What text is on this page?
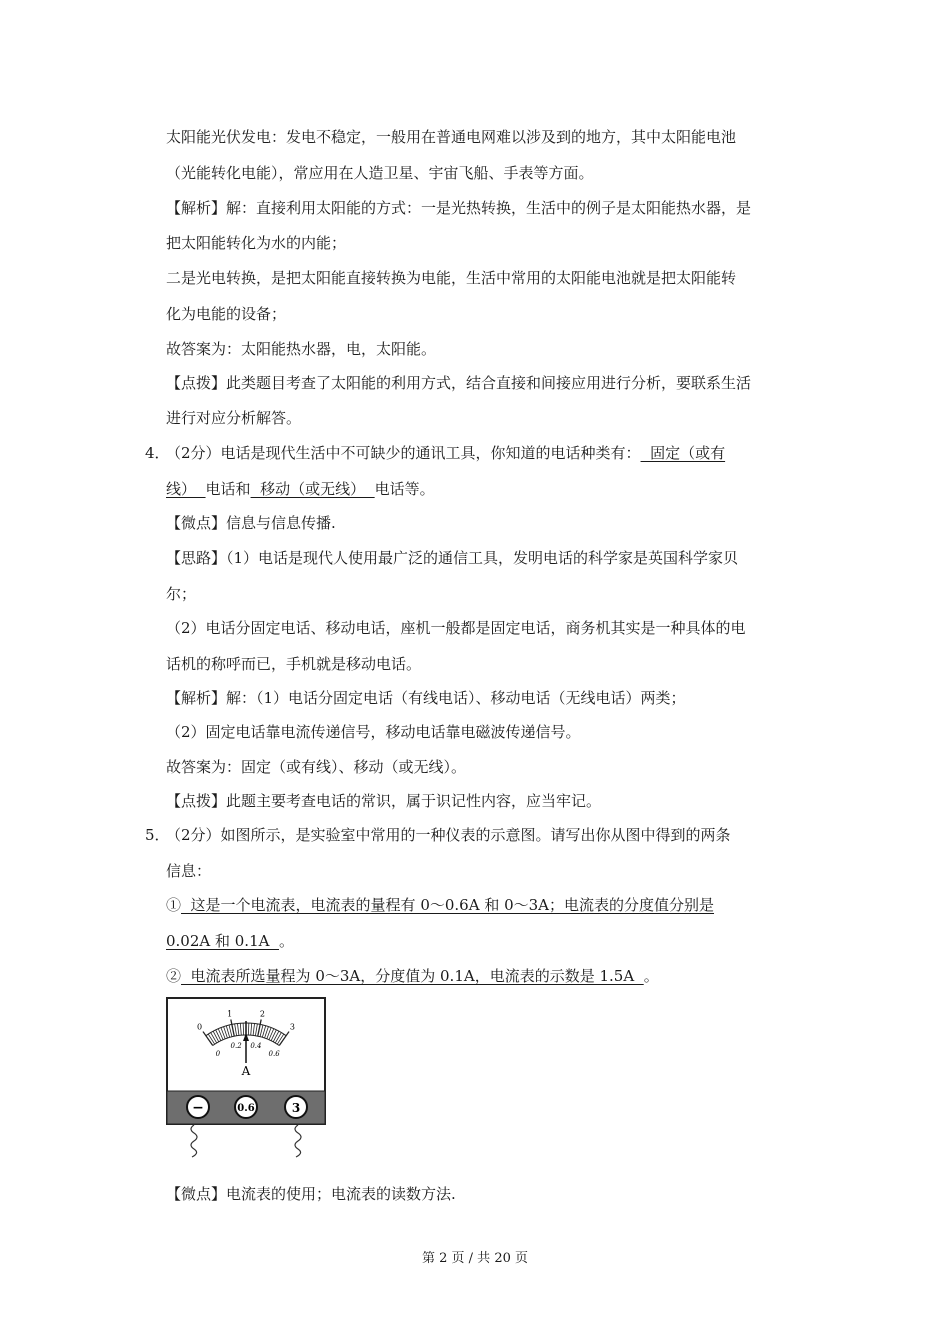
太阳能光伏发电：发电不稳定，一般用在普通电网难以涉及到的地方，其中太阳能电池
（光能转化电能），常应用在人造卫星、宇宙飞船、手表等方面。
【解析】解：直接利用太阳能的方式：一是光热转换，生活中的例子是太阳能热水器，是
把太阳能转化为水的内能；
二是光电转换，是把太阳能直接转换为电能，生活中常用的太阳能电池就是把太阳能转
化为电能的设备；
故答案为：太阳能热水器，电，太阳能。
【点拨】此类题目考查了太阳能的利用方式，结合直接和间接应用进行分析，要联系生活
进行对应分析解答。
4．
（2分）电话是现代生活中不可缺少的通讯工具，你知道的电话种类有：  固定（或有
线）  电话和  移动（或无线）  电话等。
【微点】信息与信息传播.
【思路】（1）电话是现代人使用最广泛的通信工具，发明电话的科学家是英国科学家贝
尔；
（2）电话分固定电话、移动电话，座机一般都是固定电话，商务机其实是一种具体的电
话机的称呼而已，手机就是移动电话。
【解析】解：（1）电话分固定电话（有线电话）、移动电话（无线电话）两类；
（2）固定电话靠电流传递信号，移动电话靠电磁波传递信号。
故答案为：固定（或有线）、移动（或无线）。
【点拨】此题主要考查电话的常识，属于识记性内容，应当牢记。
5．
（2分）如图所示，是实验室中常用的一种仪表的示意图。请写出你从图中得到的两条
信息：
①  这是一个电流表，电流表的量程有 0～0.6A 和 0～3A；电流表的分度值分别是
0.02A 和 0.1A  。
②  电流表所选量程为 0～3A，分度值为 0.1A，电流表的示数是 1.5A  。
0
1	2
3
0
0.2 0.4
0.6
A
−	0.6	3
【微点】电流表的使用；电流表的读数方法.
第 2 页 / 共 20 页
